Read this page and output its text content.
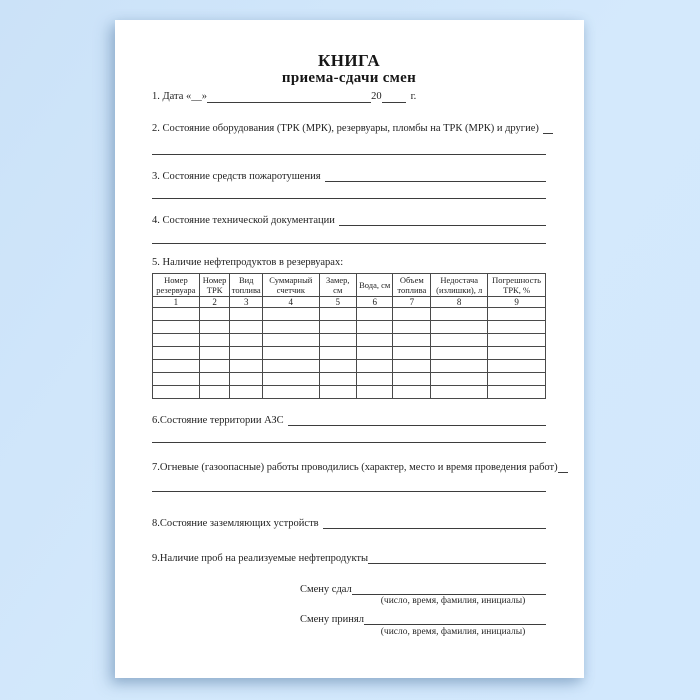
КНИГА
приема-сдачи смен
1. Дата «__»	20	г.
2. Состояние оборудования (ТРК (МРК), резервуары, пломбы на ТРК (МРК) и другие)
3. Состояние средств пожаротушения
4. Состояние технической документации
5. Наличие нефтепродуктов в резервуарах:
Номер резервуара	Номер ТРК	Вид топлива	Суммарный счетчик	Замер, см	Вода, см	Объем топлива	Недостача (излишки), л	Погрешность ТРК, %
1	2	3	4	5	6	7	8	9

6.Состояние территории АЗС
7.Огневые (газоопасные) работы проводились (характер, место и время проведения работ)
8.Состояние заземляющих устройств
9.Наличие проб на реализуемые нефтепродукты
Смену сдал
(число, время, фамилия, инициалы)
Смену принял
(число, время, фамилия, инициалы)
